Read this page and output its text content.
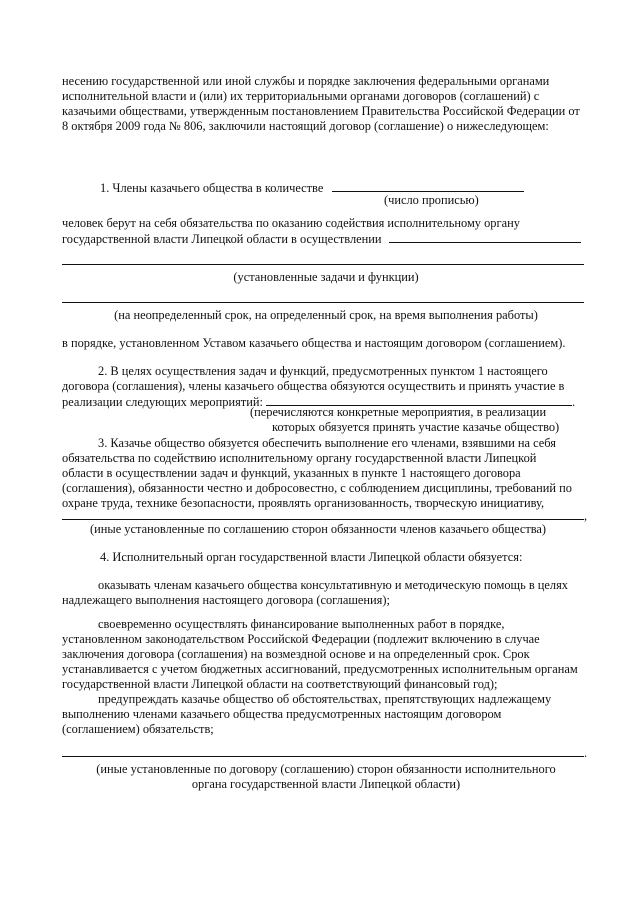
несению государственной или иной службы и порядке заключения федеральными органами

исполнительной власти и (или) их территориальными органами договоров (соглашений) с

казачьими обществами, утвержденным постановлением Правительства Российской Федерации от

8 октября 2009 года № 806, заключили настоящий договор (соглашение) о нижеследующем:

1. Члены казачьего общества в количестве
(число прописью)

человек берут на себя обязательства по оказанию содействия исполнительному органу

государственной власти Липецкой области в осуществлении

(установленные задачи и функции)
(на неопределенный срок, на определенный срок, на время выполнения работы)
в порядке, установленном Уставом казачьего общества и настоящим договором (соглашением).

2. В целях осуществления задач и функций, предусмотренных пунктом 1 настоящего

договора (соглашения), члены казачьего общества обязуются осуществить и принять участие в

реализации следующих мероприятий:	.

(перечисляются конкретные мероприятия, в реализации

которых обязуется принять участие казачье общество)

3. Казачье общество обязуется обеспечить выполнение его членами, взявшими на себя

обязательства по содействию исполнительному органу государственной власти Липецкой

области в осуществлении задач и функций, указанных в пункте 1 настоящего договора

(соглашения), обязанности честно и добросовестно, с соблюдением дисциплины, требований по

охране труда, технике безопасности, проявлять организованность, творческую инициативу,

,
(иные установленные по соглашению сторон обязанности членов казачьего общества)
4. Исполнительный орган государственной власти Липецкой области обязуется:

оказывать членам казачьего общества консультативную и методическую помощь в целях

надлежащего выполнения настоящего договора (соглашения);

своевременно осуществлять финансирование выполненных работ в порядке,

установленном законодательством Российской Федерации (подлежит включению в случае

заключения договора (соглашения) на возмездной основе и на определенный срок. Срок

устанавливается с учетом бюджетных ассигнований, предусмотренных исполнительным органам

государственной власти Липецкой области на соответствующий финансовый год);

предупреждать казачье общество об обстоятельствах, препятствующих надлежащему

выполнению членами казачьего общества предусмотренных настоящим договором

(соглашением) обязательств;

.

(иные установленные по договору (соглашению) сторон обязанности исполнительного

органа государственной власти Липецкой области)
